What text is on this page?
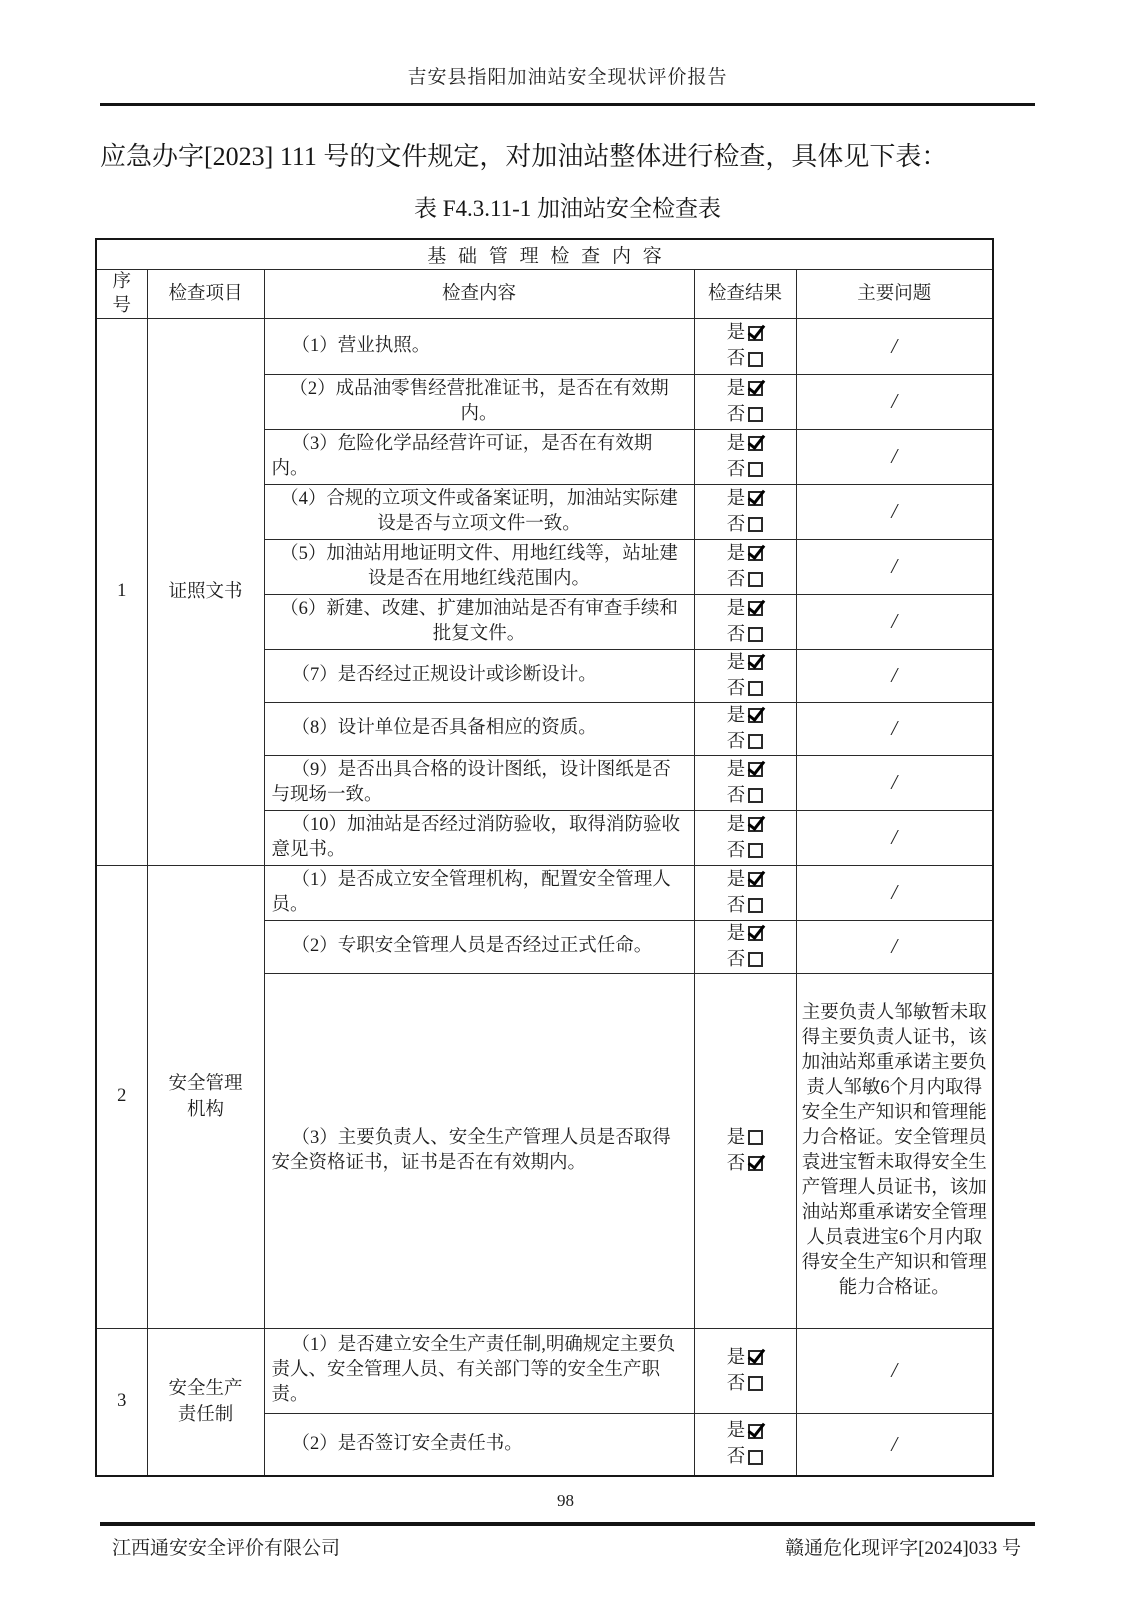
吉安县指阳加油站安全现状评价报告
应急办字[2023] 111 号的文件规定，对加油站整体进行检查，具体见下表：
表 F4.3.11-1 加油站安全检查表
基础管理检查内容				
序号	检查项目	检查内容	检查结果	主要问题
1	证照文书	（1）营业执照。	是
否	/
		（2）成品油零售经营批准证书，是否在有效期内。	是
否	/
		（3）危险化学品经营许可证，是否在有效期内。	是
否	/
		（4）合规的立项文件或备案证明，加油站实际建设是否与立项文件一致。	是
否	/
		（5）加油站用地证明文件、用地红线等，站址建设是否在用地红线范围内。	是
否	/
		（6）新建、改建、扩建加油站是否有审查手续和批复文件。	是
否	/
		（7）是否经过正规设计或诊断设计。	是
否	/
		（8）设计单位是否具备相应的资质。	是
否	/
		（9）是否出具合格的设计图纸，设计图纸是否与现场一致。	是
否	/
		（10）加油站是否经过消防验收，取得消防验收意见书。	是
否	/
2	安全管理机构	（1）是否成立安全管理机构，配置安全管理人员。	是
否	/
		（2）专职安全管理人员是否经过正式任命。	是
否	/
		（3）主要负责人、安全生产管理人员是否取得安全资格证书，证书是否在有效期内。	是
否	主要负责人邹敏暂未取得主要负责人证书，该加油站郑重承诺主要负责人邹敏6个月内取得安全生产知识和管理能力合格证。安全管理员袁进宝暂未取得安全生产管理人员证书，该加油站郑重承诺安全管理人员袁进宝6个月内取得安全生产知识和管理能力合格证。

3	安全生产责任制	（1）是否建立安全生产责任制,明确规定主要负责人、安全管理人员、有关部门等的安全生产职责。	是
否	/
		（2）是否签订安全责任书。	是
否	/
98
江西通安安全评价有限公司	赣通危化现评字[2024]033 号
